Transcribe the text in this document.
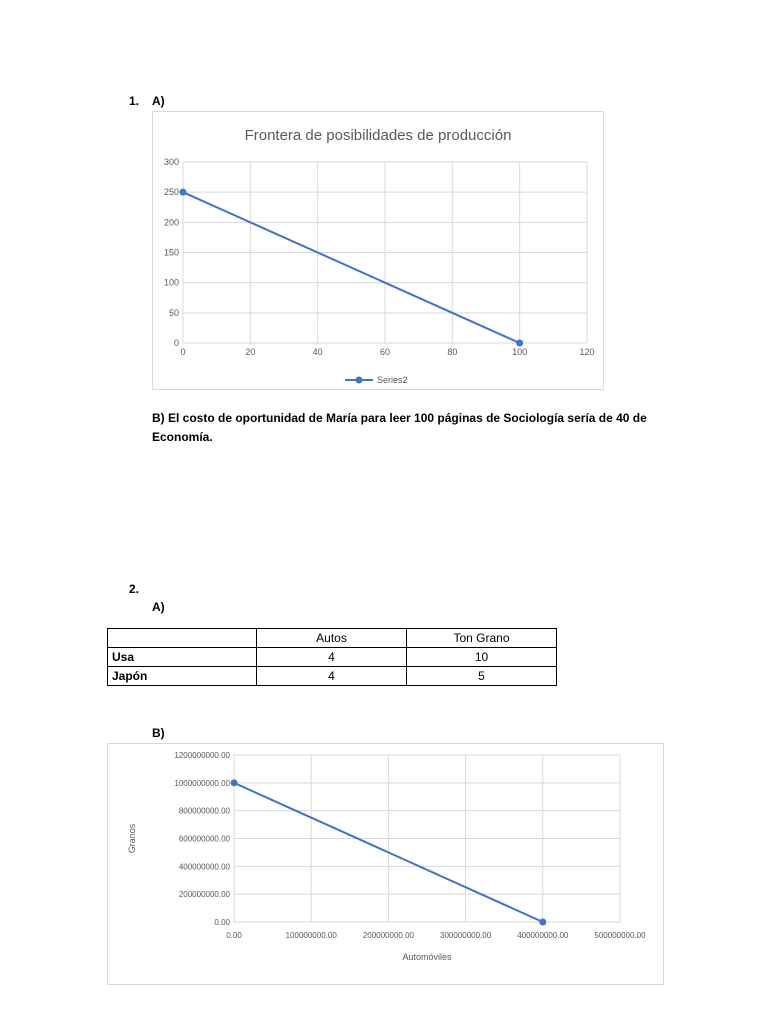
1. A)
Frontera de posibilidades de producción
0
50
100
150
200
250
300
0	20	40	60	80	100	120
Series2
B) El costo de oportunidad de María para leer 100 páginas de Sociología sería de 40 de Economía.
2.
A)
	Autos	Ton Grano
Usa	4	10
Japón	4	5
B)
0.00
200000000.00
400000000.00
600000000.00
800000000.00
1000000000.00
1200000000.00
0.00	100000000.00	200000000.00	300000000.00	400000000.00	500000000.00
Automóviles
Granos
